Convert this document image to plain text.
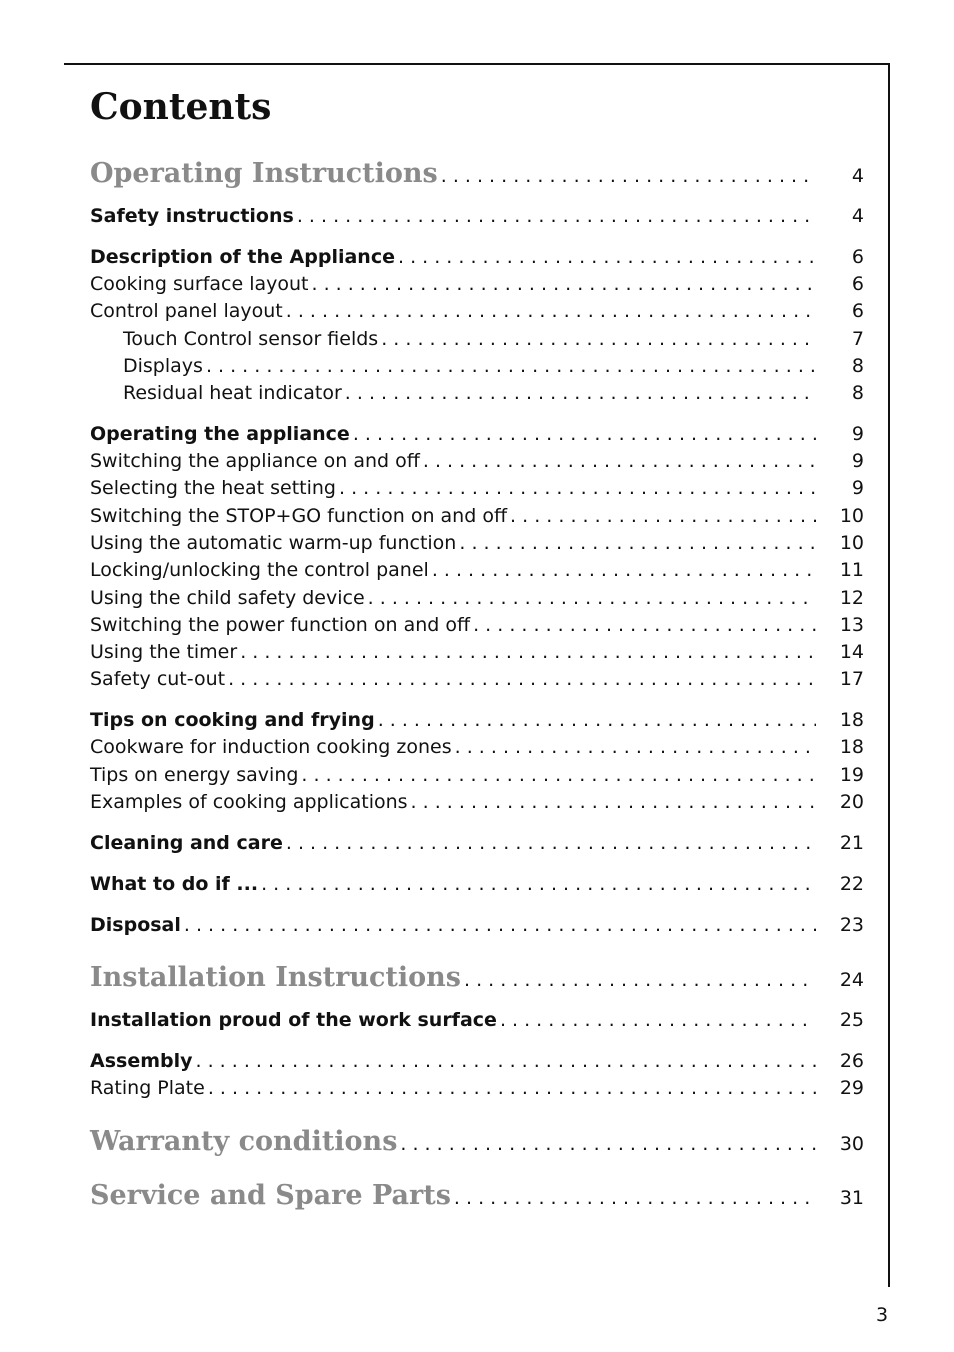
Contents
Operating Instructions . . .	4
Safety instructions . . .	4
Description of the Appliance . . .	6
Cooking surface layout . . .	6
Control panel layout . . .	6
Touch Control sensor fields . . .	7
Displays . . .	8
Residual heat indicator . . .	8
Operating the appliance . . .	9
Switching the appliance on and off . . .	9
Selecting the heat setting . . .	9
Switching the STOP+GO function on and off . . .	10
Using the automatic warm-up function . . .	10
Locking/unlocking the control panel . . .	11
Using the child safety device . . .	12
Switching the power function on and off . . .	13
Using the timer . . .	14
Safety cut-out . . .	17
Tips on cooking and frying . . .	18
Cookware for induction cooking zones . . .	18
Tips on energy saving . . .	19
Examples of cooking applications . . .	20
Cleaning and care . . .	21
What to do if ... . . .	22
Disposal . . .	23
Installation Instructions . . .	24
Installation proud of the work surface . . .	25
Assembly . . .	26
Rating Plate . . .	29
Warranty conditions . . .	30
Service and Spare Parts . . .	31
3
